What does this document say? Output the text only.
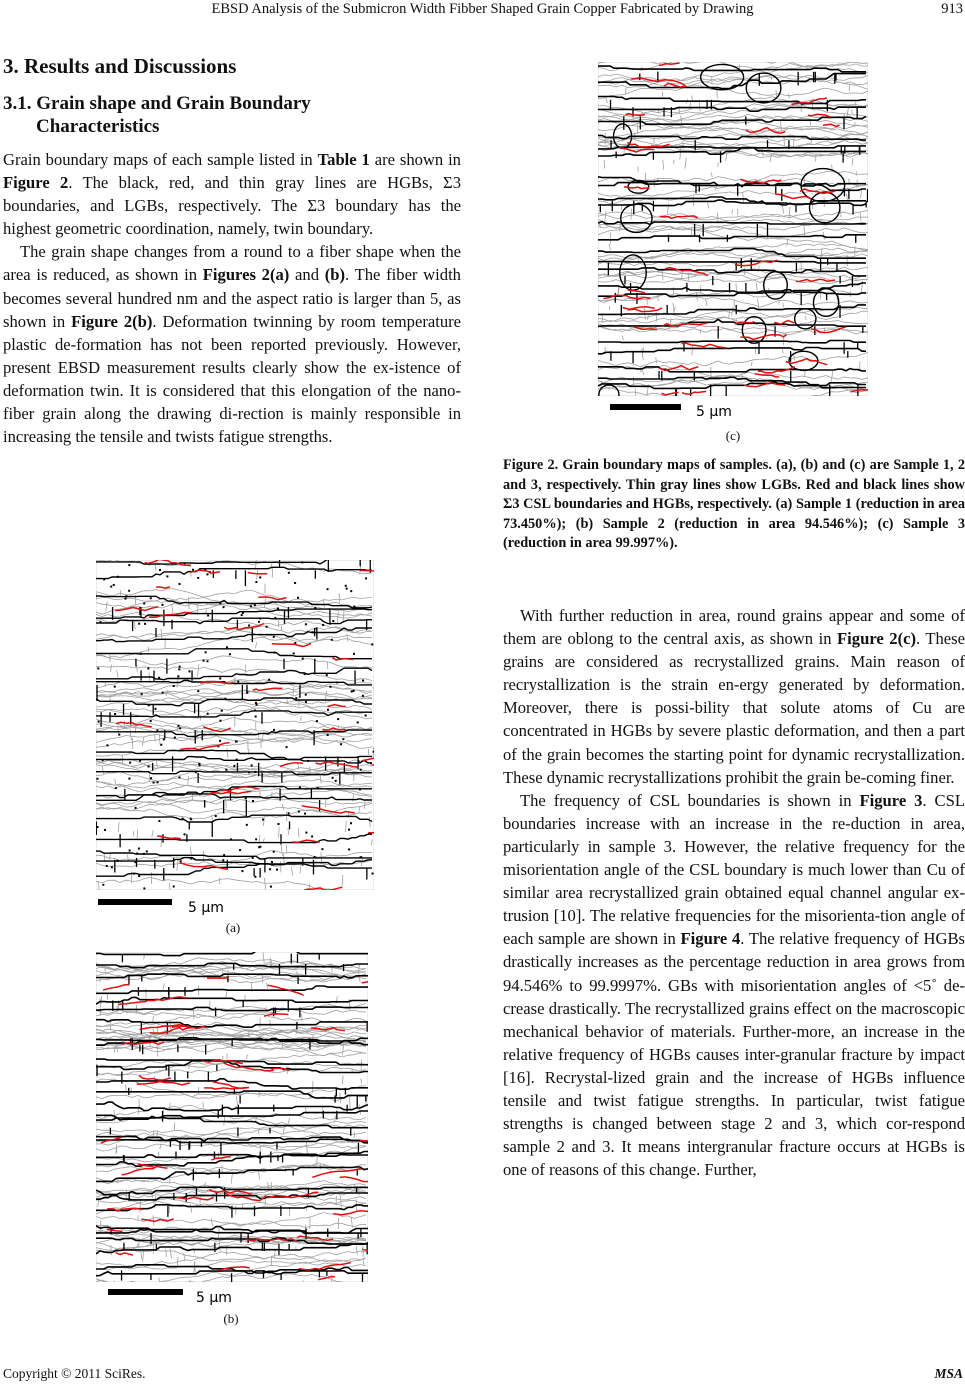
EBSD Analysis of the Submicron Width Fibber Shaped Grain Copper Fabricated by Drawing	913
3. Results and Discussions
3.1. Grain shape and Grain Boundary
Characteristics

Grain boundary maps of each sample listed in Table 1 are shown in Figure 2. The black, red, and thin gray lines are HGBs, Σ3 boundaries, and LGBs, respectively. The Σ3 boundary has the highest geometric coordination, namely, twin boundary.

The grain shape changes from a round to a fiber shape when the area is reduced, as shown in Figures 2(a) and (b). The fiber width becomes several hundred nm and the aspect ratio is larger than 5, as shown in Figure 2(b). Deformation twinning by room temperature plastic de-formation has not been reported previously. However, present EBSD measurement results clearly show the ex-istence of deformation twin. It is considered that this elongation of the nano-fiber grain along the drawing di-rection is mainly responsible in increasing the tensile and twists fatigue strengths.

5 μm
(a)
5 μm
(b)
5 μm
(c)

Figure 2. Grain boundary maps of samples. (a), (b) and (c) are Sample 1, 2 and 3, respectively. Thin gray lines show LGBs. Red and black lines show Σ3 CSL boundaries and HGBs, respectively. (a) Sample 1 (reduction in area 73.450%); (b) Sample 2 (reduction in area 94.546%); (c) Sample 3 (reduction in area 99.997%).

With further reduction in area, round grains appear and some of them are oblong to the central axis, as shown in Figure 2(c). These grains are considered as recrystallized grains. Main reason of recrystallization is the strain en-ergy generated by deformation. Moreover, there is possi-bility that solute atoms of Cu are concentrated in HGBs by severe plastic deformation, and then a part of the grain becomes the starting point for dynamic recrystallization. These dynamic recrystallizations prohibit the grain be-coming finer.

The frequency of CSL boundaries is shown in Figure 3. CSL boundaries increase with an increase in the re-duction in area, particularly in sample 3. However, the relative frequency for the misorientation angle of the CSL boundary is much lower than Cu of similar area recrystallized grain obtained equal channel angular ex-trusion [10]. The relative frequencies for the misorienta-tion angle of each sample are shown in Figure 4. The relative frequency of HGBs drastically increases as the percentage reduction in area grows from 94.546% to 99.9997%. GBs with misorientation angles of <5˚ de-crease drastically. The recrystallized grains effect on the macroscopic mechanical behavior of materials. Further-more, an increase in the relative frequency of HGBs causes inter-granular fracture by impact [16]. Recrystal-lized grain and the increase of HGBs influence tensile and twist fatigue strengths. In particular, twist fatigue strengths is changed between stage 2 and 3, which cor-respond sample 2 and 3. It means intergranular fracture occurs at HGBs is one of reasons of this change. Further,

Copyright © 2011 SciRes.	MSA
